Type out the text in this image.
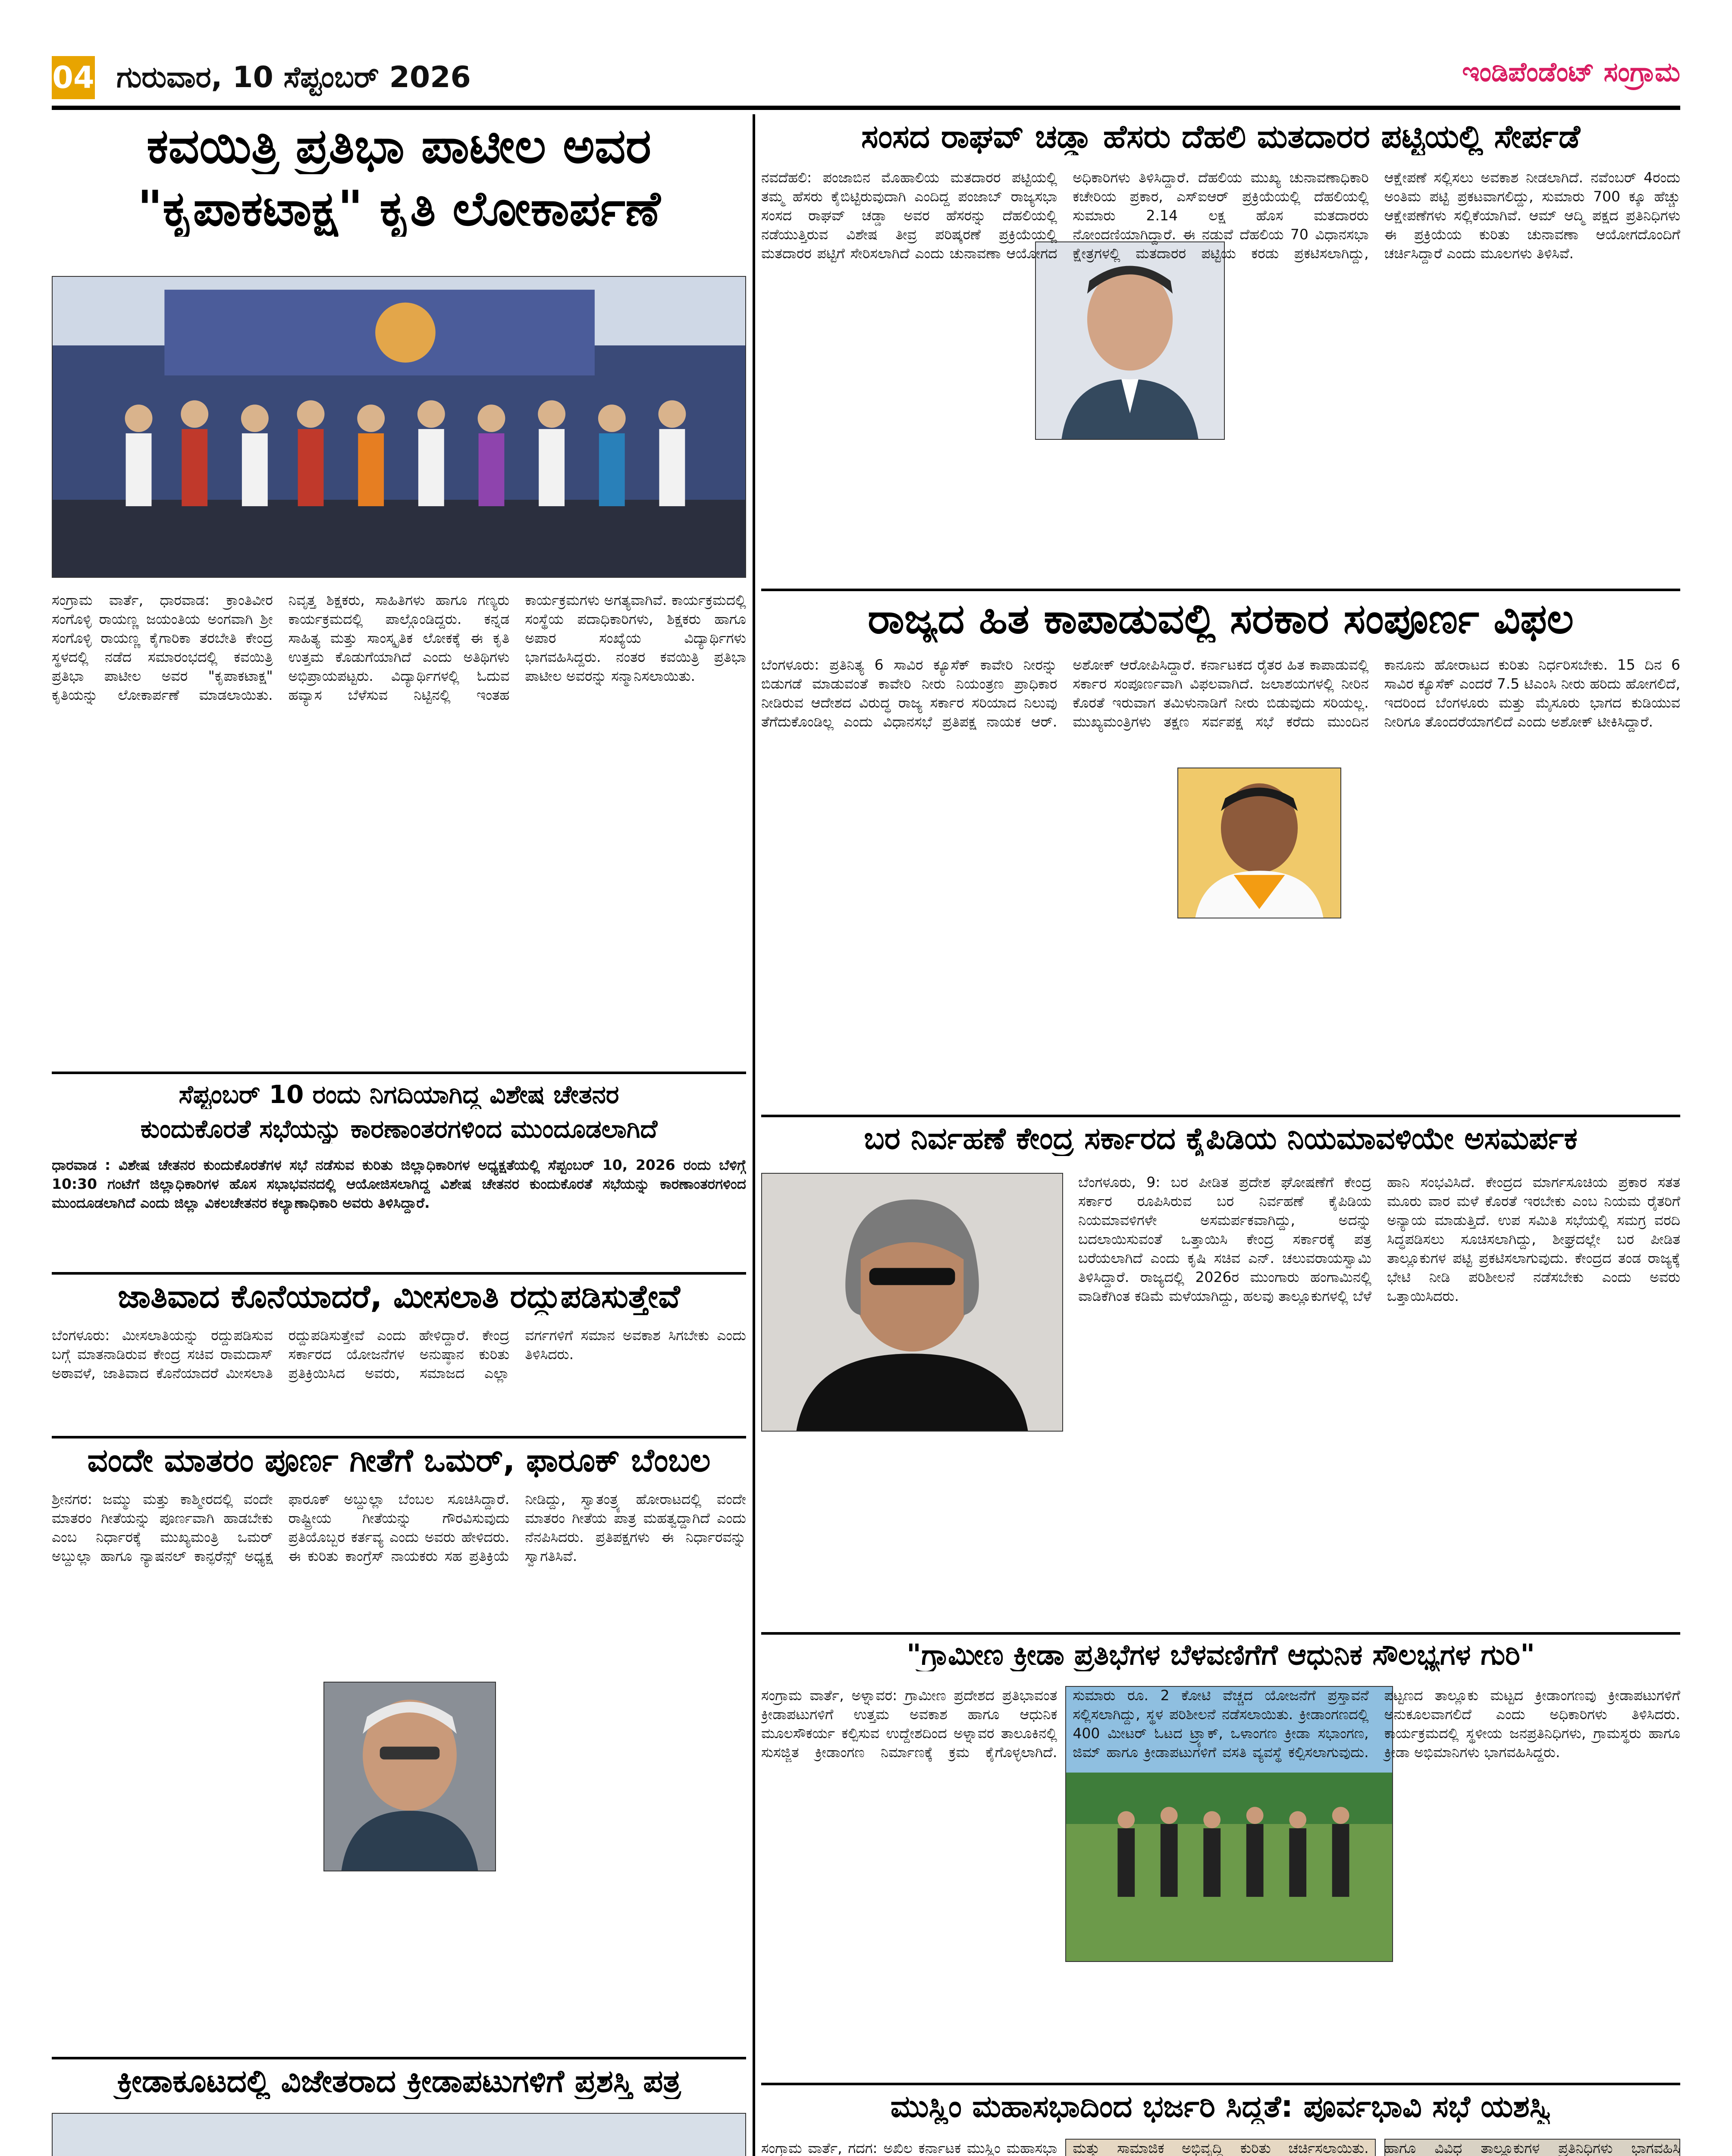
04 ಗುರುವಾರ, 10 ಸೆಪ್ಟಂಬರ್ 2026	ಇಂಡಿಪೆಂಡೆಂಟ್ ಸಂಗ್ರಾಮ
ಕವಯಿತ್ರಿ ಪ್ರತಿಭಾ ಪಾಟೀಲ ಅವರ
"ಕೃಪಾಕಟಾಕ್ಷ" ಕೃತಿ ಲೋಕಾರ್ಪಣೆ
ಸಂಗ್ರಾಮ ವಾರ್ತೆ, ಧಾರವಾಡ: ಕ್ರಾಂತಿವೀರ ಸಂಗೊಳ್ಳಿ ರಾಯಣ್ಣ ಜಯಂತಿಯ ಅಂಗವಾಗಿ ಶ್ರೀ ಸಂಗೊಳ್ಳಿ ರಾಯಣ್ಣ ಕೈಗಾರಿಕಾ ತರಬೇತಿ ಕೇಂದ್ರ ಸ್ಥಳದಲ್ಲಿ ನಡೆದ ಸಮಾರಂಭದಲ್ಲಿ ಕವಯಿತ್ರಿ ಪ್ರತಿಭಾ ಪಾಟೀಲ ಅವರ "ಕೃಪಾಕಟಾಕ್ಷ" ಕೃತಿಯನ್ನು ಲೋಕಾರ್ಪಣೆ ಮಾಡಲಾಯಿತು. ನಿವೃತ್ತ ಶಿಕ್ಷಕರು, ಸಾಹಿತಿಗಳು ಹಾಗೂ ಗಣ್ಯರು ಕಾರ್ಯಕ್ರಮದಲ್ಲಿ ಪಾಲ್ಗೊಂಡಿದ್ದರು. ಕನ್ನಡ ಸಾಹಿತ್ಯ ಮತ್ತು ಸಾಂಸ್ಕೃತಿಕ ಲೋಕಕ್ಕೆ ಈ ಕೃತಿ ಉತ್ತಮ ಕೊಡುಗೆಯಾಗಿದೆ ಎಂದು ಅತಿಥಿಗಳು ಅಭಿಪ್ರಾಯಪಟ್ಟರು. ವಿದ್ಯಾರ್ಥಿಗಳಲ್ಲಿ ಓದುವ ಹವ್ಯಾಸ ಬೆಳೆಸುವ ನಿಟ್ಟಿನಲ್ಲಿ ಇಂತಹ ಕಾರ್ಯಕ್ರಮಗಳು ಅಗತ್ಯವಾಗಿವೆ. ಕಾರ್ಯಕ್ರಮದಲ್ಲಿ ಸಂಸ್ಥೆಯ ಪದಾಧಿಕಾರಿಗಳು, ಶಿಕ್ಷಕರು ಹಾಗೂ ಅಪಾರ ಸಂಖ್ಯೆಯ ವಿದ್ಯಾರ್ಥಿಗಳು ಭಾಗವಹಿಸಿದ್ದರು. ನಂತರ ಕವಯಿತ್ರಿ ಪ್ರತಿಭಾ ಪಾಟೀಲ ಅವರನ್ನು ಸನ್ಮಾನಿಸಲಾಯಿತು.
ಸೆಪ್ಟಂಬರ್ 10 ರಂದು ನಿಗದಿಯಾಗಿದ್ದ ವಿಶೇಷ ಚೇತನರ
ಕುಂದುಕೊರತೆ ಸಭೆಯನ್ನು ಕಾರಣಾಂತರಗಳಿಂದ ಮುಂದೂಡಲಾಗಿದೆ
ಧಾರವಾಡ : ವಿಶೇಷ ಚೇತನರ ಕುಂದುಕೊರತೆಗಳ ಸಭೆ ನಡೆಸುವ ಕುರಿತು ಜಿಲ್ಲಾಧಿಕಾರಿಗಳ ಅಧ್ಯಕ್ಷತೆಯಲ್ಲಿ ಸೆಪ್ಟಂಬರ್ 10, 2026 ರಂದು ಬೆಳಿಗ್ಗೆ 10:30 ಗಂಟೆಗೆ ಜಿಲ್ಲಾಧಿಕಾರಿಗಳ ಹೊಸ ಸಭಾಭವನದಲ್ಲಿ ಆಯೋಜಿಸಲಾಗಿದ್ದ ವಿಶೇಷ ಚೇತನರ ಕುಂದುಕೊರತೆ ಸಭೆಯನ್ನು ಕಾರಣಾಂತರಗಳಿಂದ ಮುಂದೂಡಲಾಗಿದೆ ಎಂದು ಜಿಲ್ಲಾ ವಿಕಲಚೇತನರ ಕಲ್ಯಾಣಾಧಿಕಾರಿ ಅವರು ತಿಳಿಸಿದ್ದಾರೆ.
ಜಾತಿವಾದ ಕೊನೆಯಾದರೆ, ಮೀಸಲಾತಿ ರದ್ದುಪಡಿಸುತ್ತೇವೆ
ಬೆಂಗಳೂರು: ಮೀಸಲಾತಿಯನ್ನು ರದ್ದುಪಡಿಸುವ ಬಗ್ಗೆ ಮಾತನಾಡಿರುವ ಕೇಂದ್ರ ಸಚಿವ ರಾಮದಾಸ್ ಅಠಾವಳೆ, ಜಾತಿವಾದ ಕೊನೆಯಾದರೆ ಮೀಸಲಾತಿ ರದ್ದುಪಡಿಸುತ್ತೇವೆ ಎಂದು ಹೇಳಿದ್ದಾರೆ. ಕೇಂದ್ರ ಸರ್ಕಾರದ ಯೋಜನೆಗಳ ಅನುಷ್ಠಾನ ಕುರಿತು ಪ್ರತಿಕ್ರಿಯಿಸಿದ ಅವರು, ಸಮಾಜದ ಎಲ್ಲಾ ವರ್ಗಗಳಿಗೆ ಸಮಾನ ಅವಕಾಶ ಸಿಗಬೇಕು ಎಂದು ತಿಳಿಸಿದರು.
ವಂದೇ ಮಾತರಂ ಪೂರ್ಣ ಗೀತೆಗೆ ಒಮರ್, ಫಾರೂಕ್ ಬೆಂಬಲ
ಶ್ರೀನಗರ: ಜಮ್ಮು ಮತ್ತು ಕಾಶ್ಮೀರದಲ್ಲಿ ವಂದೇ ಮಾತರಂ ಗೀತೆಯನ್ನು ಪೂರ್ಣವಾಗಿ ಹಾಡಬೇಕು ಎಂಬ ನಿರ್ಧಾರಕ್ಕೆ ಮುಖ್ಯಮಂತ್ರಿ ಒಮರ್ ಅಬ್ದುಲ್ಲಾ ಹಾಗೂ ನ್ಯಾಷನಲ್ ಕಾನ್ಫರೆನ್ಸ್ ಅಧ್ಯಕ್ಷ ಫಾರೂಕ್ ಅಬ್ದುಲ್ಲಾ ಬೆಂಬಲ ಸೂಚಿಸಿದ್ದಾರೆ. ರಾಷ್ಟ್ರೀಯ ಗೀತೆಯನ್ನು ಗೌರವಿಸುವುದು ಪ್ರತಿಯೊಬ್ಬರ ಕರ್ತವ್ಯ ಎಂದು ಅವರು ಹೇಳಿದರು. ಈ ಕುರಿತು ಕಾಂಗ್ರೆಸ್ ನಾಯಕರು ಸಹ ಪ್ರತಿಕ್ರಿಯೆ ನೀಡಿದ್ದು, ಸ್ವಾತಂತ್ರ್ಯ ಹೋರಾಟದಲ್ಲಿ ವಂದೇ ಮಾತರಂ ಗೀತೆಯ ಪಾತ್ರ ಮಹತ್ವದ್ದಾಗಿದೆ ಎಂದು ನೆನಪಿಸಿದರು. ಪ್ರತಿಪಕ್ಷಗಳು ಈ ನಿರ್ಧಾರವನ್ನು ಸ್ವಾಗತಿಸಿವೆ.
ಕ್ರೀಡಾಕೂಟದಲ್ಲಿ ವಿಜೇತರಾದ ಕ್ರೀಡಾಪಟುಗಳಿಗೆ ಪ್ರಶಸ್ತಿ ಪತ್ರ
ಸಂಸದ ರಾಘವ್ ಚಡ್ಡಾ ಹೆಸರು ದೆಹಲಿ ಮತದಾರರ ಪಟ್ಟಿಯಲ್ಲಿ ಸೇರ್ಪಡೆ
ನವದೆಹಲಿ: ಪಂಜಾಬಿನ ಮೊಹಾಲಿಯ ಮತದಾರರ ಪಟ್ಟಿಯಲ್ಲಿ ತಮ್ಮ ಹೆಸರು ಕೈಬಿಟ್ಟಿರುವುದಾಗಿ ಎಂದಿದ್ದ ಪಂಜಾಬ್ ರಾಜ್ಯಸಭಾ ಸಂಸದ ರಾಘವ್ ಚಡ್ಡಾ ಅವರ ಹೆಸರನ್ನು ದೆಹಲಿಯಲ್ಲಿ ನಡೆಯುತ್ತಿರುವ ವಿಶೇಷ ತೀವ್ರ ಪರಿಷ್ಕರಣೆ ಪ್ರಕ್ರಿಯೆಯಲ್ಲಿ ಮತದಾರರ ಪಟ್ಟಿಗೆ ಸೇರಿಸಲಾಗಿದೆ ಎಂದು ಚುನಾವಣಾ ಆಯೋಗದ ಅಧಿಕಾರಿಗಳು ತಿಳಿಸಿದ್ದಾರೆ. ದೆಹಲಿಯ ಮುಖ್ಯ ಚುನಾವಣಾಧಿಕಾರಿ ಕಚೇರಿಯ ಪ್ರಕಾರ, ಎಸ್‌ಐಆರ್ ಪ್ರಕ್ರಿಯೆಯಲ್ಲಿ ದೆಹಲಿಯಲ್ಲಿ ಸುಮಾರು 2.14 ಲಕ್ಷ ಹೊಸ ಮತದಾರರು ನೋಂದಣಿಯಾಗಿದ್ದಾರೆ. ಈ ನಡುವೆ ದೆಹಲಿಯ 70 ವಿಧಾನಸಭಾ ಕ್ಷೇತ್ರಗಳಲ್ಲಿ ಮತದಾರರ ಪಟ್ಟಿಯ ಕರಡು ಪ್ರಕಟಿಸಲಾಗಿದ್ದು, ಆಕ್ಷೇಪಣೆ ಸಲ್ಲಿಸಲು ಅವಕಾಶ ನೀಡಲಾಗಿದೆ. ನವೆಂಬರ್ 4ರಂದು ಅಂತಿಮ ಪಟ್ಟಿ ಪ್ರಕಟವಾಗಲಿದ್ದು, ಸುಮಾರು 700 ಕ್ಕೂ ಹೆಚ್ಚು ಆಕ್ಷೇಪಣೆಗಳು ಸಲ್ಲಿಕೆಯಾಗಿವೆ. ಆಮ್ ಆದ್ಮಿ ಪಕ್ಷದ ಪ್ರತಿನಿಧಿಗಳು ಈ ಪ್ರಕ್ರಿಯೆಯ ಕುರಿತು ಚುನಾವಣಾ ಆಯೋಗದೊಂದಿಗೆ ಚರ್ಚಿಸಿದ್ದಾರೆ ಎಂದು ಮೂಲಗಳು ತಿಳಿಸಿವೆ.
ರಾಜ್ಯದ ಹಿತ ಕಾಪಾಡುವಲ್ಲಿ ಸರಕಾರ ಸಂಪೂರ್ಣ ವಿಫಲ
ಬೆಂಗಳೂರು: ಪ್ರತಿನಿತ್ಯ 6 ಸಾವಿರ ಕ್ಯೂಸೆಕ್ ಕಾವೇರಿ ನೀರನ್ನು ಬಿಡುಗಡೆ ಮಾಡುವಂತೆ ಕಾವೇರಿ ನೀರು ನಿಯಂತ್ರಣ ಪ್ರಾಧಿಕಾರ ನೀಡಿರುವ ಆದೇಶದ ವಿರುದ್ಧ ರಾಜ್ಯ ಸರ್ಕಾರ ಸರಿಯಾದ ನಿಲುವು ತೆಗೆದುಕೊಂಡಿಲ್ಲ ಎಂದು ವಿಧಾನಸಭೆ ಪ್ರತಿಪಕ್ಷ ನಾಯಕ ಆರ್. ಅಶೋಕ್ ಆರೋಪಿಸಿದ್ದಾರೆ. ಕರ್ನಾಟಕದ ರೈತರ ಹಿತ ಕಾಪಾಡುವಲ್ಲಿ ಸರ್ಕಾರ ಸಂಪೂರ್ಣವಾಗಿ ವಿಫಲವಾಗಿದೆ. ಜಲಾಶಯಗಳಲ್ಲಿ ನೀರಿನ ಕೊರತೆ ಇರುವಾಗ ತಮಿಳುನಾಡಿಗೆ ನೀರು ಬಿಡುವುದು ಸರಿಯಲ್ಲ. ಮುಖ್ಯಮಂತ್ರಿಗಳು ತಕ್ಷಣ ಸರ್ವಪಕ್ಷ ಸಭೆ ಕರೆದು ಮುಂದಿನ ಕಾನೂನು ಹೋರಾಟದ ಕುರಿತು ನಿರ್ಧರಿಸಬೇಕು. 15 ದಿನ 6 ಸಾವಿರ ಕ್ಯೂಸೆಕ್ ಎಂದರೆ 7.5 ಟಿಎಂಸಿ ನೀರು ಹರಿದು ಹೋಗಲಿದೆ, ಇದರಿಂದ ಬೆಂಗಳೂರು ಮತ್ತು ಮೈಸೂರು ಭಾಗದ ಕುಡಿಯುವ ನೀರಿಗೂ ತೊಂದರೆಯಾಗಲಿದೆ ಎಂದು ಅಶೋಕ್ ಟೀಕಿಸಿದ್ದಾರೆ.
ಬರ ನಿರ್ವಹಣೆ ಕೇಂದ್ರ ಸರ್ಕಾರದ ಕೈಪಿಡಿಯ ನಿಯಮಾವಳಿಯೇ ಅಸಮರ್ಪಕ
ಬೆಂಗಳೂರು, 9: ಬರ ಪೀಡಿತ ಪ್ರದೇಶ ಘೋಷಣೆಗೆ ಕೇಂದ್ರ ಸರ್ಕಾರ ರೂಪಿಸಿರುವ ಬರ ನಿರ್ವಹಣೆ ಕೈಪಿಡಿಯ ನಿಯಮಾವಳಿಗಳೇ ಅಸಮರ್ಪಕವಾಗಿದ್ದು, ಅದನ್ನು ಬದಲಾಯಿಸುವಂತೆ ಒತ್ತಾಯಿಸಿ ಕೇಂದ್ರ ಸರ್ಕಾರಕ್ಕೆ ಪತ್ರ ಬರೆಯಲಾಗಿದೆ ಎಂದು ಕೃಷಿ ಸಚಿವ ಎನ್. ಚಲುವರಾಯಸ್ವಾಮಿ ತಿಳಿಸಿದ್ದಾರೆ. ರಾಜ್ಯದಲ್ಲಿ 2026ರ ಮುಂಗಾರು ಹಂಗಾಮಿನಲ್ಲಿ ವಾಡಿಕೆಗಿಂತ ಕಡಿಮೆ ಮಳೆಯಾಗಿದ್ದು, ಹಲವು ತಾಲ್ಲೂಕುಗಳಲ್ಲಿ ಬೆಳೆ ಹಾನಿ ಸಂಭವಿಸಿದೆ. ಕೇಂದ್ರದ ಮಾರ್ಗಸೂಚಿಯ ಪ್ರಕಾರ ಸತತ ಮೂರು ವಾರ ಮಳೆ ಕೊರತೆ ಇರಬೇಕು ಎಂಬ ನಿಯಮ ರೈತರಿಗೆ ಅನ್ಯಾಯ ಮಾಡುತ್ತಿದೆ. ಉಪ ಸಮಿತಿ ಸಭೆಯಲ್ಲಿ ಸಮಗ್ರ ವರದಿ ಸಿದ್ಧಪಡಿಸಲು ಸೂಚಿಸಲಾಗಿದ್ದು, ಶೀಘ್ರದಲ್ಲೇ ಬರ ಪೀಡಿತ ತಾಲ್ಲೂಕುಗಳ ಪಟ್ಟಿ ಪ್ರಕಟಿಸಲಾಗುವುದು. ಕೇಂದ್ರದ ತಂಡ ರಾಜ್ಯಕ್ಕೆ ಭೇಟಿ ನೀಡಿ ಪರಿಶೀಲನೆ ನಡೆಸಬೇಕು ಎಂದು ಅವರು ಒತ್ತಾಯಿಸಿದರು.
"ಗ್ರಾಮೀಣ ಕ್ರೀಡಾ ಪ್ರತಿಭೆಗಳ ಬೆಳವಣಿಗೆಗೆ ಆಧುನಿಕ ಸೌಲಭ್ಯಗಳ ಗುರಿ"
ಸಂಗ್ರಾಮ ವಾರ್ತೆ, ಅಳ್ನಾವರ: ಗ್ರಾಮೀಣ ಪ್ರದೇಶದ ಪ್ರತಿಭಾವಂತ ಕ್ರೀಡಾಪಟುಗಳಿಗೆ ಉತ್ತಮ ಅವಕಾಶ ಹಾಗೂ ಆಧುನಿಕ ಮೂಲಸೌಕರ್ಯ ಕಲ್ಪಿಸುವ ಉದ್ದೇಶದಿಂದ ಅಳ್ನಾವರ ತಾಲೂಕಿನಲ್ಲಿ ಸುಸಜ್ಜಿತ ಕ್ರೀಡಾಂಗಣ ನಿರ್ಮಾಣಕ್ಕೆ ಕ್ರಮ ಕೈಗೊಳ್ಳಲಾಗಿದೆ. ಸುಮಾರು ರೂ. 2 ಕೋಟಿ ವೆಚ್ಚದ ಯೋಜನೆಗೆ ಪ್ರಸ್ತಾವನೆ ಸಲ್ಲಿಸಲಾಗಿದ್ದು, ಸ್ಥಳ ಪರಿಶೀಲನೆ ನಡೆಸಲಾಯಿತು. ಕ್ರೀಡಾಂಗಣದಲ್ಲಿ 400 ಮೀಟರ್ ಓಟದ ಟ್ರ್ಯಾಕ್, ಒಳಾಂಗಣ ಕ್ರೀಡಾ ಸಭಾಂಗಣ, ಜಿಮ್ ಹಾಗೂ ಕ್ರೀಡಾಪಟುಗಳಿಗೆ ವಸತಿ ವ್ಯವಸ್ಥೆ ಕಲ್ಪಿಸಲಾಗುವುದು. ಪಟ್ಟಣದ ತಾಲ್ಲೂಕು ಮಟ್ಟದ ಕ್ರೀಡಾಂಗಣವು ಕ್ರೀಡಾಪಟುಗಳಿಗೆ ಅನುಕೂಲವಾಗಲಿದೆ ಎಂದು ಅಧಿಕಾರಿಗಳು ತಿಳಿಸಿದರು. ಕಾರ್ಯಕ್ರಮದಲ್ಲಿ ಸ್ಥಳೀಯ ಜನಪ್ರತಿನಿಧಿಗಳು, ಗ್ರಾಮಸ್ಥರು ಹಾಗೂ ಕ್ರೀಡಾ ಅಭಿಮಾನಿಗಳು ಭಾಗವಹಿಸಿದ್ದರು.
ಮುಸ್ಲಿಂ ಮಹಾಸಭಾದಿಂದ ಭರ್ಜರಿ ಸಿದ್ಧತೆ: ಪೂರ್ವಭಾವಿ ಸಭೆ ಯಶಸ್ವಿ
ಸಂಗ್ರಾಮ ವಾರ್ತೆ, ಗದಗ: ಅಖಿಲ ಕರ್ನಾಟಕ ಮುಸ್ಲಿಂ ಮಹಾಸಭಾ ಮತ್ತು ಸಾಮಾಜಿಕ ಅಭಿವೃದ್ಧಿ ಕುರಿತು ಚರ್ಚಿಸಲಾಯಿತು. ಹಾಗೂ ವಿವಿಧ ತಾಲ್ಲೂಕುಗಳ ಪ್ರತಿನಿಧಿಗಳು ಭಾಗವಹಿಸಿ
